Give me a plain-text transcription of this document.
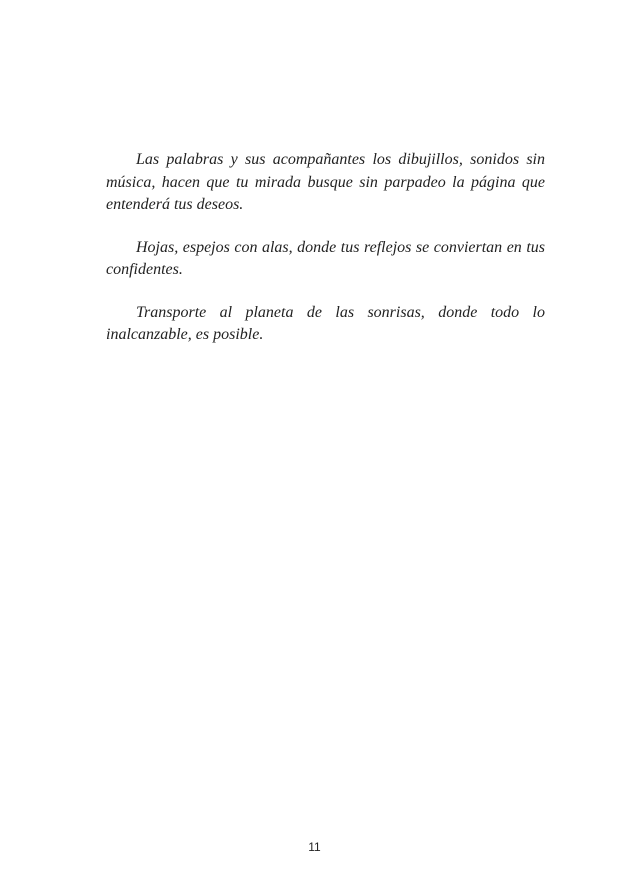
Las palabras y sus acompañantes los dibujillos, sonidos sin música, hacen que tu mirada busque sin parpadeo la página que entenderá tus deseos.

Hojas, espejos con alas, donde tus reflejos se conviertan en tus confidentes.

Transporte al planeta de las sonrisas, donde todo lo inalcanzable, es posible.

11
